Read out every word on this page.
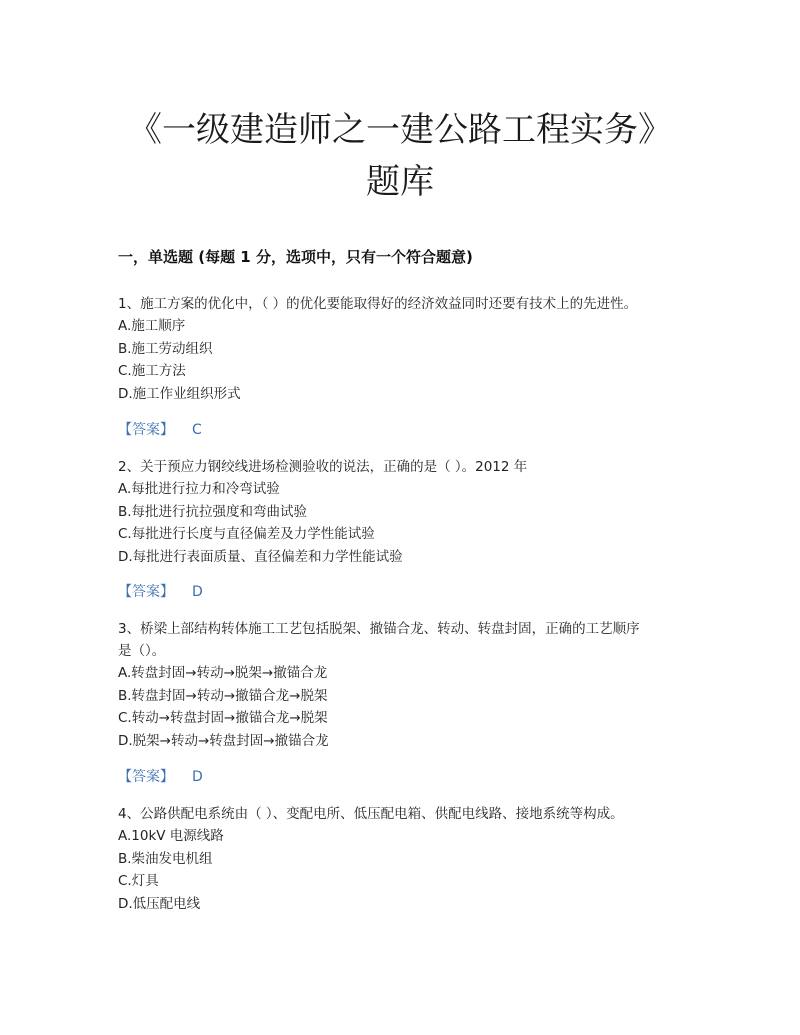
《一级建造师之一建公路工程实务》
题库
一，单选题 (每题 1 分，选项中，只有一个符合题意)

1、施工方案的优化中，（ ）的优化要能取得好的经济效益同时还要有技术上的先进性。

A.施工顺序

B.施工劳动组织

C.施工方法

D.施工作业组织形式

【答案】 C

2、关于预应力钢绞线进场检测验收的说法，正确的是（ ）。2012 年

A.每批进行拉力和冷弯试验

B.每批进行抗拉强度和弯曲试验

C.每批进行长度与直径偏差及力学性能试验

D.每批进行表面质量、直径偏差和力学性能试验

【答案】 D

3、桥梁上部结构转体施工工艺包括脱架、撤锚合龙、转动、转盘封固，正确的工艺顺序

是（）。

A.转盘封固→转动→脱架→撤锚合龙

B.转盘封固→转动→撤锚合龙→脱架

C.转动→转盘封固→撤锚合龙→脱架

D.脱架→转动→转盘封固→撤锚合龙

【答案】 D

4、公路供配电系统由（ ）、变配电所、低压配电箱、供配电线路、接地系统等构成。

A.10kV 电源线路

B.柴油发电机组

C.灯具

D.低压配电线
